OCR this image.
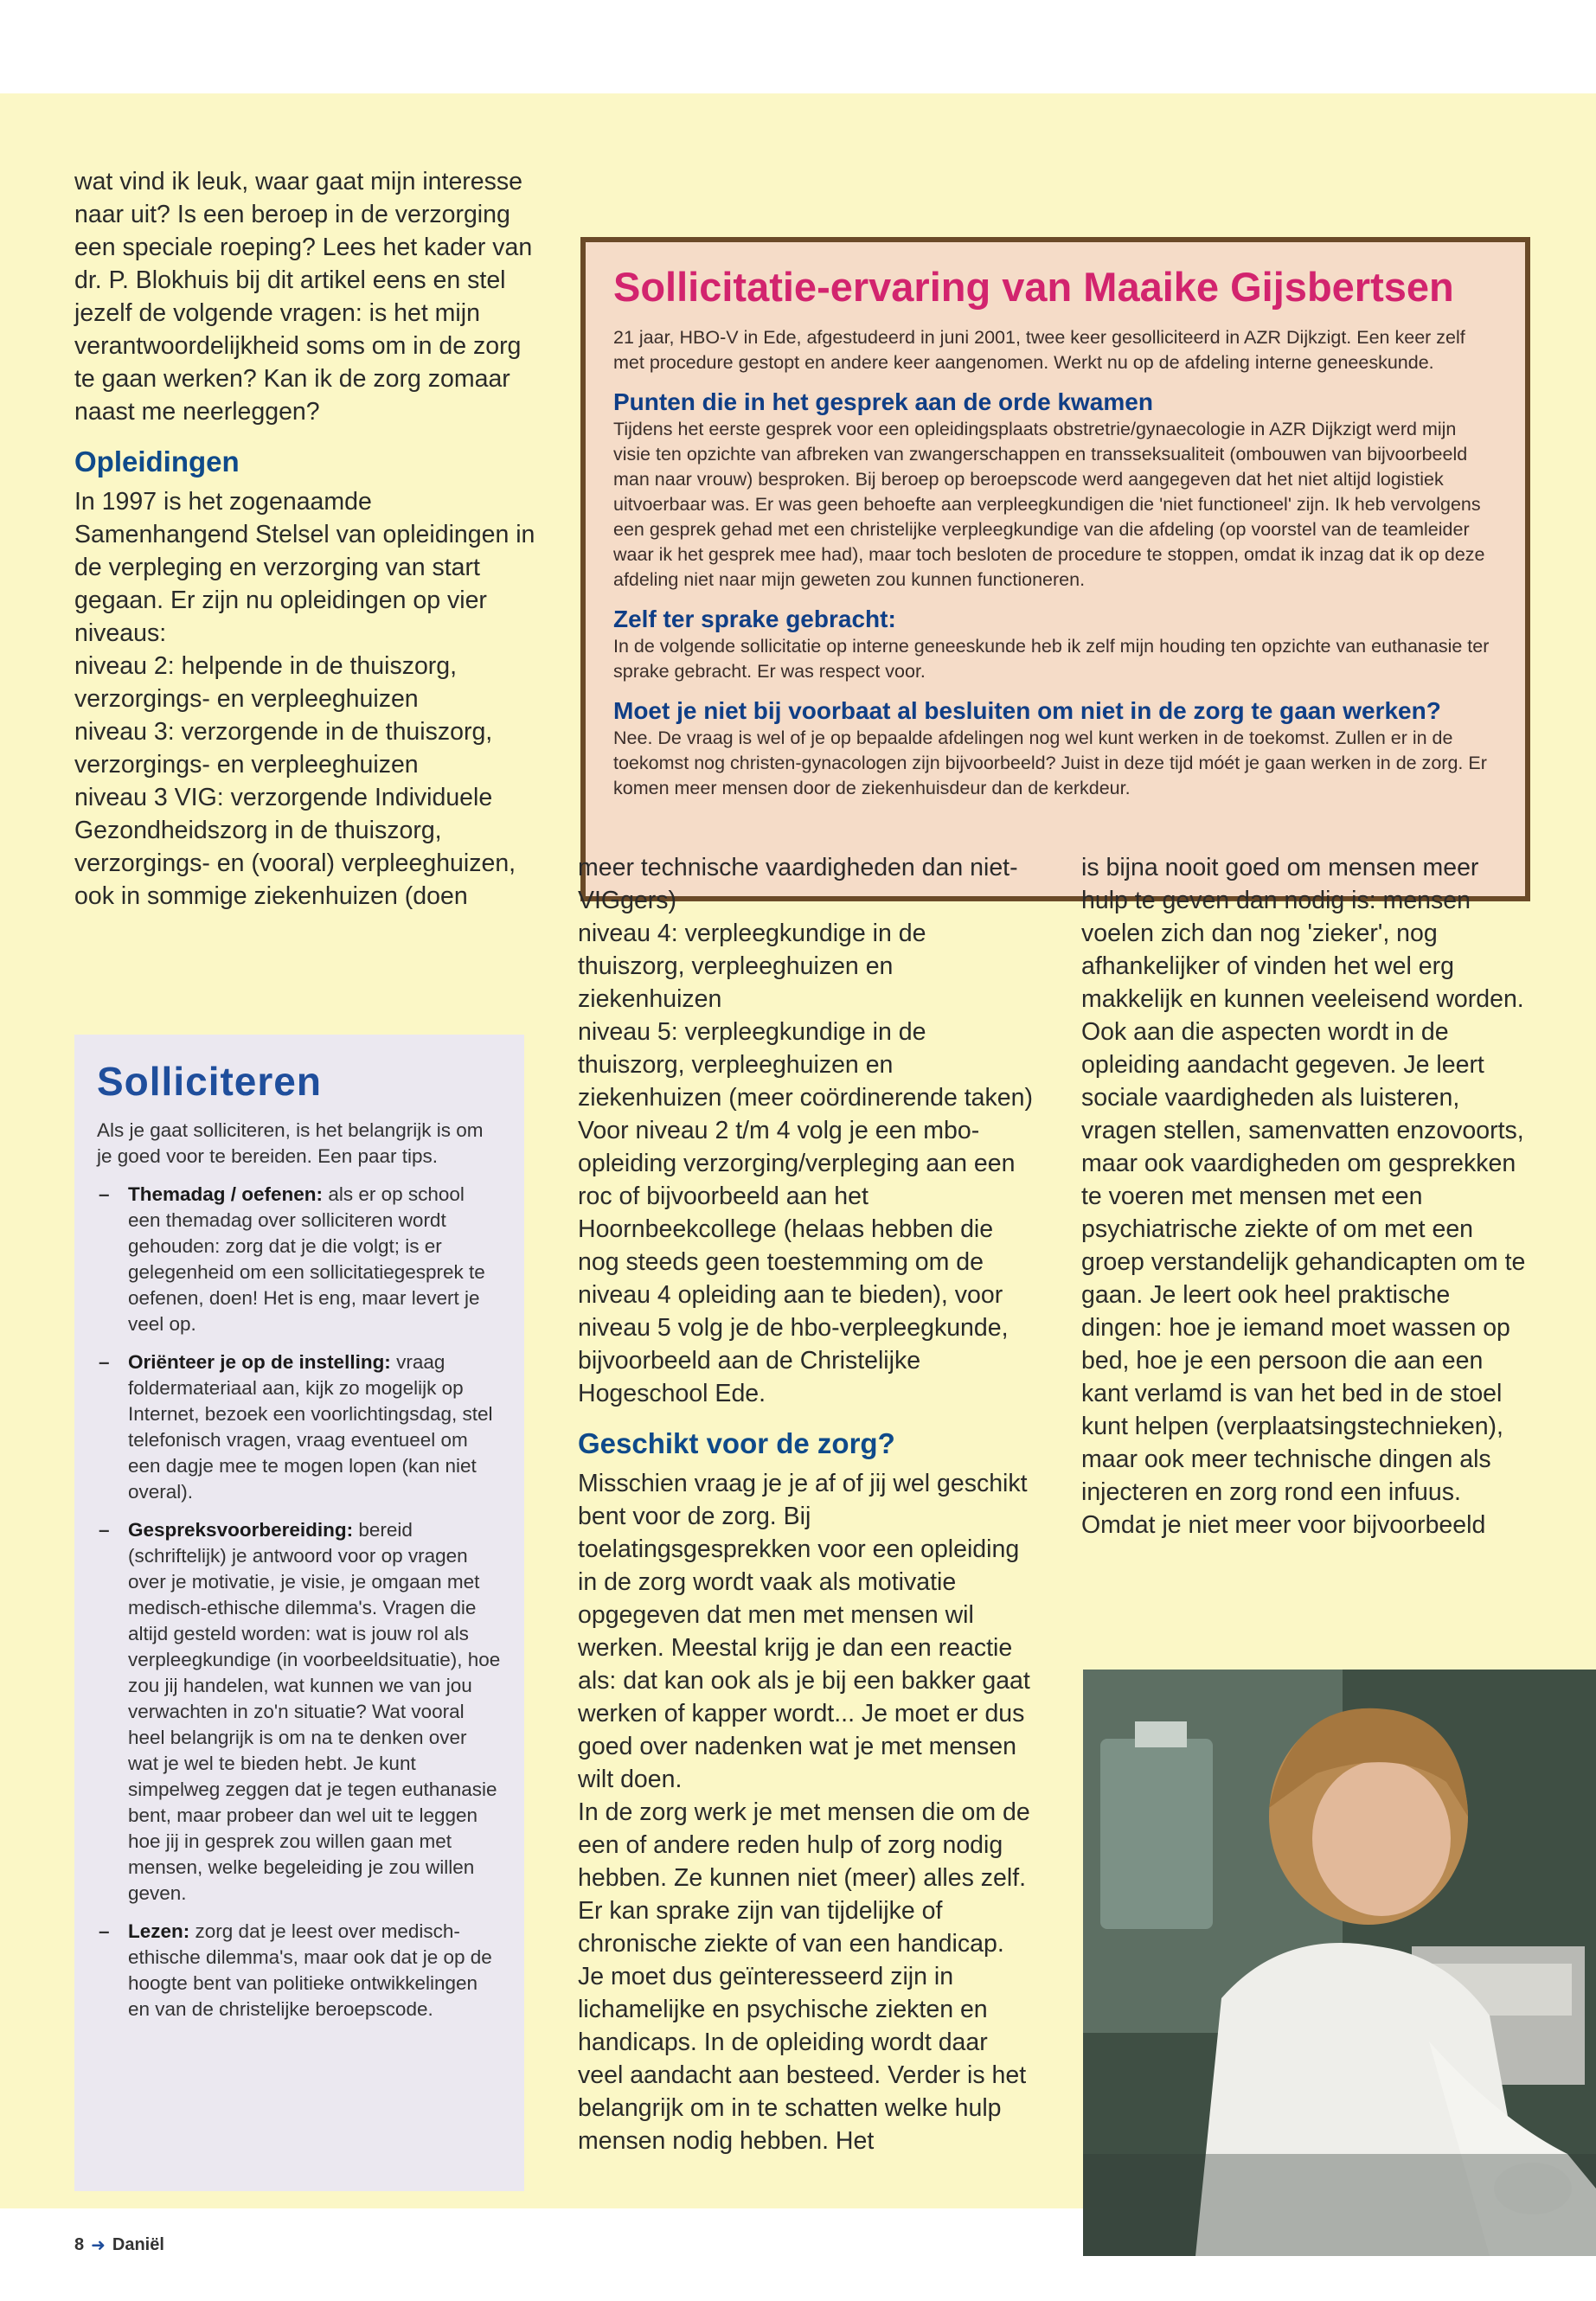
wat vind ik leuk, waar gaat mijn interesse naar uit? Is een beroep in de verzorging een speciale roeping? Lees het kader van dr. P. Blokhuis bij dit artikel eens en stel jezelf de volgende vragen: is het mijn verantwoordelijkheid soms om in de zorg te gaan werken? Kan ik de zorg zomaar naast me neerleggen?

Opleidingen

In 1997 is het zogenaamde Samenhangend Stelsel van opleidingen in de verpleging en verzorging van start gegaan. Er zijn nu opleidingen op vier niveaus:

niveau 2: helpende in de thuiszorg, verzorgings- en verpleeghuizen

niveau 3: verzorgende in de thuiszorg, verzorgings- en verpleeghuizen

niveau 3 VIG: verzorgende Individuele Gezondheidszorg in de thuiszorg, verzorgings- en (vooral) verpleeghuizen, ook in sommige ziekenhuizen (doen

Sollicitatie-ervaring van Maaike Gijsbertsen

21 jaar, HBO-V in Ede, afgestudeerd in juni 2001, twee keer gesolliciteerd in AZR Dijkzigt. Een keer zelf met procedure gestopt en andere keer aangenomen. Werkt nu op de afdeling interne geneeskunde.

Punten die in het gesprek aan de orde kwamen

Tijdens het eerste gesprek voor een opleidingsplaats obstretrie/gynaecologie in AZR Dijkzigt werd mijn visie ten opzichte van afbreken van zwangerschappen en transseksualiteit (ombouwen van bijvoorbeeld man naar vrouw) besproken. Bij beroep op beroepscode werd aangegeven dat het niet altijd logistiek uitvoerbaar was. Er was geen behoefte aan verpleegkundigen die 'niet functioneel' zijn. Ik heb vervolgens een gesprek gehad met een christelijke verpleegkundige van die afdeling (op voorstel van de teamleider waar ik het gesprek mee had), maar toch besloten de procedure te stoppen, omdat ik inzag dat ik op deze afdeling niet naar mijn geweten zou kunnen functioneren.

Zelf ter sprake gebracht:

In de volgende sollicitatie op interne geneeskunde heb ik zelf mijn houding ten opzichte van euthanasie ter sprake gebracht. Er was respect voor.

Moet je niet bij voorbaat al besluiten om niet in de zorg te gaan werken?

Nee. De vraag is wel of je op bepaalde afdelingen nog wel kunt werken in de toekomst. Zullen er in de toekomst nog christen-gynacologen zijn bijvoorbeeld? Juist in deze tijd móét je gaan werken in de zorg. Er komen meer mensen door de ziekenhuisdeur dan de kerkdeur.

meer technische vaardigheden dan niet-VIGgers)

niveau 4: verpleegkundige in de thuiszorg, verpleeghuizen en ziekenhuizen

niveau 5: verpleegkundige in de thuiszorg, verpleeghuizen en ziekenhuizen (meer coördinerende taken)

Voor niveau 2 t/m 4 volg je een mbo-opleiding verzorging/verpleging aan een roc of bijvoorbeeld aan het Hoornbeekcollege (helaas hebben die nog steeds geen toestemming om de niveau 4 opleiding aan te bieden), voor niveau 5 volg je de hbo-verpleegkunde, bijvoorbeeld aan de Christelijke Hogeschool Ede.

Geschikt voor de zorg?

Misschien vraag je je af of jij wel geschikt bent voor de zorg. Bij toelatingsgesprekken voor een opleiding in de zorg wordt vaak als motivatie opgegeven dat men met mensen wil werken. Meestal krijg je dan een reactie als: dat kan ook als je bij een bakker gaat werken of kapper wordt... Je moet er dus goed over nadenken wat je met mensen wilt doen.

In de zorg werk je met mensen die om de een of andere reden hulp of zorg nodig hebben. Ze kunnen niet (meer) alles zelf. Er kan sprake zijn van tijdelijke of chronische ziekte of van een handicap. Je moet dus geïnteresseerd zijn in lichamelijke en psychische ziekten en handicaps. In de opleiding wordt daar veel aandacht aan besteed. Verder is het belangrijk om in te schatten welke hulp mensen nodig hebben. Het

is bijna nooit goed om mensen meer hulp te geven dan nodig is: mensen voelen zich dan nog 'zieker', nog afhankelijker of vinden het wel erg makkelijk en kunnen veeleisend worden. Ook aan die aspecten wordt in de opleiding aandacht gegeven. Je leert sociale vaardigheden als luisteren, vragen stellen, samenvatten enzovoorts, maar ook vaardigheden om gesprekken te voeren met mensen met een psychiatrische ziekte of om met een groep verstandelijk gehandicapten om te gaan. Je leert ook heel praktische dingen: hoe je iemand moet wassen op bed, hoe je een persoon die aan een kant verlamd is van het bed in de stoel kunt helpen (verplaatsingstechnieken), maar ook meer technische dingen als injecteren en zorg rond een infuus. Omdat je niet meer voor bijvoorbeeld

Solliciteren

Als je gaat solliciteren, is het belangrijk is om je goed voor te bereiden. Een paar tips.

– Themadag / oefenen: als er op school een themadag over solliciteren wordt gehouden: zorg dat je die volgt; is er gelegenheid om een sollicitatiegesprek te oefenen, doen! Het is eng, maar levert je veel op.
– Oriënteer je op de instelling: vraag foldermateriaal aan, kijk zo mogelijk op Internet, bezoek een voorlichtingsdag, stel telefonisch vragen, vraag eventueel om een dagje mee te mogen lopen (kan niet overal).
– Gespreksvoorbereiding: bereid (schriftelijk) je antwoord voor op vragen over je motivatie, je visie, je omgaan met medisch-ethische dilemma's. Vragen die altijd gesteld worden: wat is jouw rol als verpleegkundige (in voorbeeldsituatie), hoe zou jij handelen, wat kunnen we van jou verwachten in zo'n situatie? Wat vooral heel belangrijk is om na te denken over wat je wel te bieden hebt. Je kunt simpelweg zeggen dat je tegen euthanasie bent, maar probeer dan wel uit te leggen hoe jij in gesprek zou willen gaan met mensen, welke begeleiding je zou willen geven.
– Lezen: zorg dat je leest over medisch-ethische dilemma's, maar ook dat je op de hoogte bent van politieke ontwikkelingen en van de christelijke beroepscode.
8 ➜ Daniël
